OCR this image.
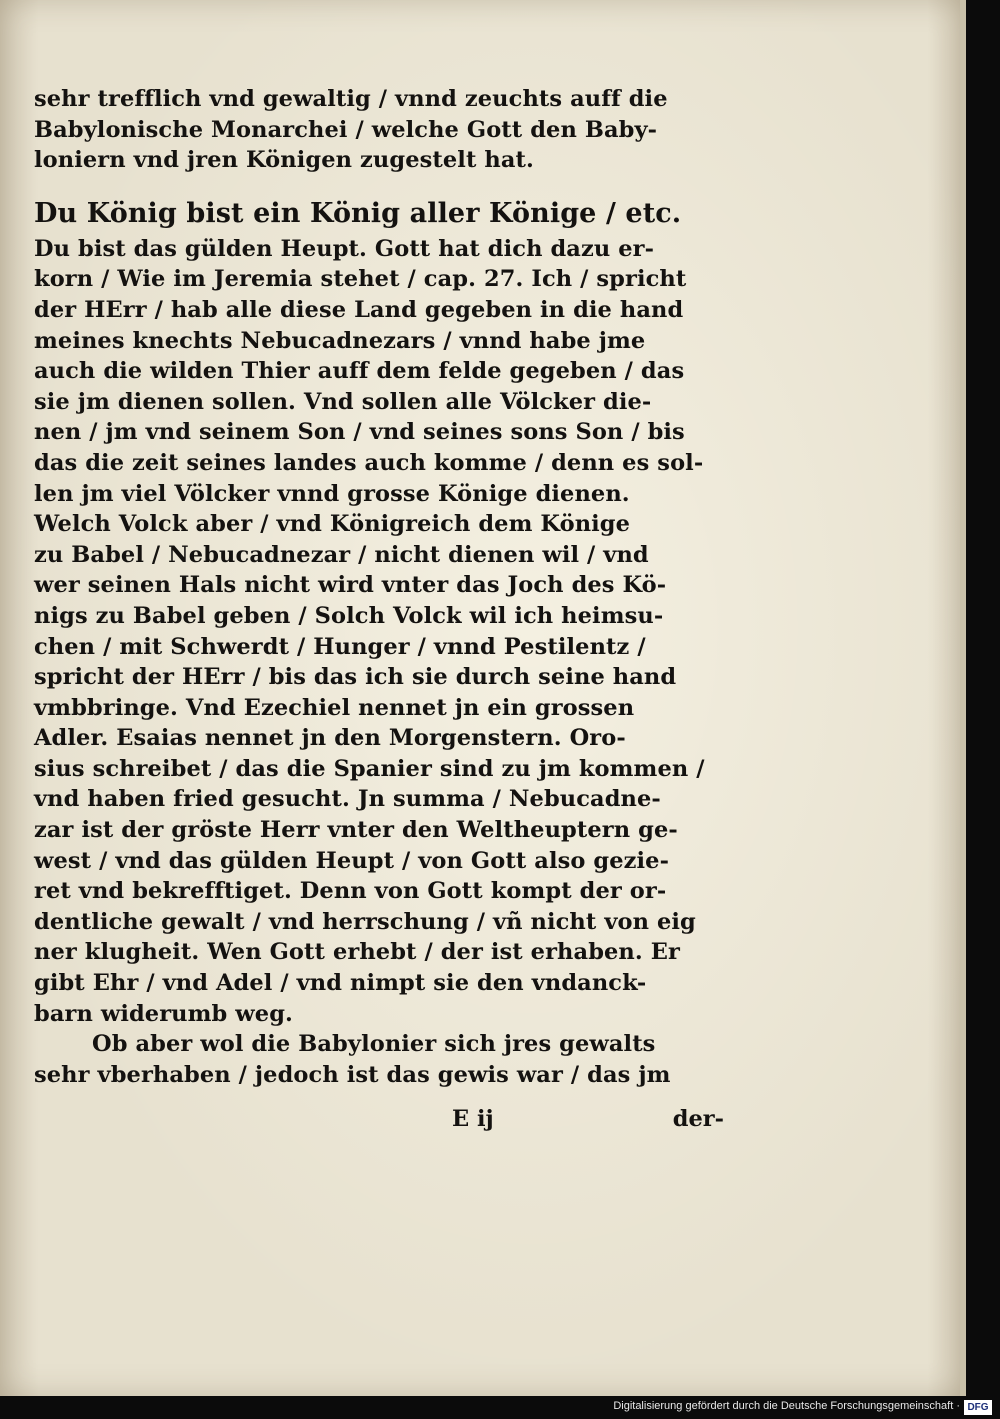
sehr trefflich vnd gewaltig / vnnd zeuchts auff die
Babylonische Monarchei / welche Gott den Baby-
loniern vnd jren Königen zugestelt hat.
Du König bist ein König aller Könige / etc.
Du bist das gülden Heupt. Gott hat dich dazu er-
korn / Wie im Jeremia stehet / cap. 27. Ich / spricht
der HErr / hab alle diese Land gegeben in die hand
meines knechts Nebucadnezars / vnnd habe jme
auch die wilden Thier auff dem felde gegeben / das
sie jm dienen sollen. Vnd sollen alle Völcker die-
nen / jm vnd seinem Son / vnd seines sons Son / bis
das die zeit seines landes auch komme / denn es sol-
len jm viel Völcker vnnd grosse Könige dienen.
Welch Volck aber / vnd Königreich dem Könige
zu Babel / Nebucadnezar / nicht dienen wil / vnd
wer seinen Hals nicht wird vnter das Joch des Kö-
nigs zu Babel geben / Solch Volck wil ich heimsu-
chen / mit Schwerdt / Hunger / vnnd Pestilentz /
spricht der HErr / bis das ich sie durch seine hand
vmbbringe. Vnd Ezechiel nennet jn ein grossen
Adler. Esaias nennet jn den Morgenstern. Oro-
sius schreibet / das die Spanier sind zu jm kommen /
vnd haben fried gesucht. Jn summa / Nebucadne-
zar ist der gröste Herr vnter den Weltheuptern ge-
west / vnd das gülden Heupt / von Gott also gezie-
ret vnd bekrefftiget. Denn von Gott kompt der or-
dentliche gewalt / vnd herrschung / vñ nicht von eig
ner klugheit. Wen Gott erhebt / der ist erhaben. Er
gibt Ehr / vnd Adel / vnd nimpt sie den vndanck-
barn widerumb weg.
Ob aber wol die Babylonier sich jres gewalts
sehr vberhaben / jedoch ist das gewis war / das jm
E ij	der-
Digitalisierung gefördert durch die Deutsche Forschungsgemeinschaft · DFG
